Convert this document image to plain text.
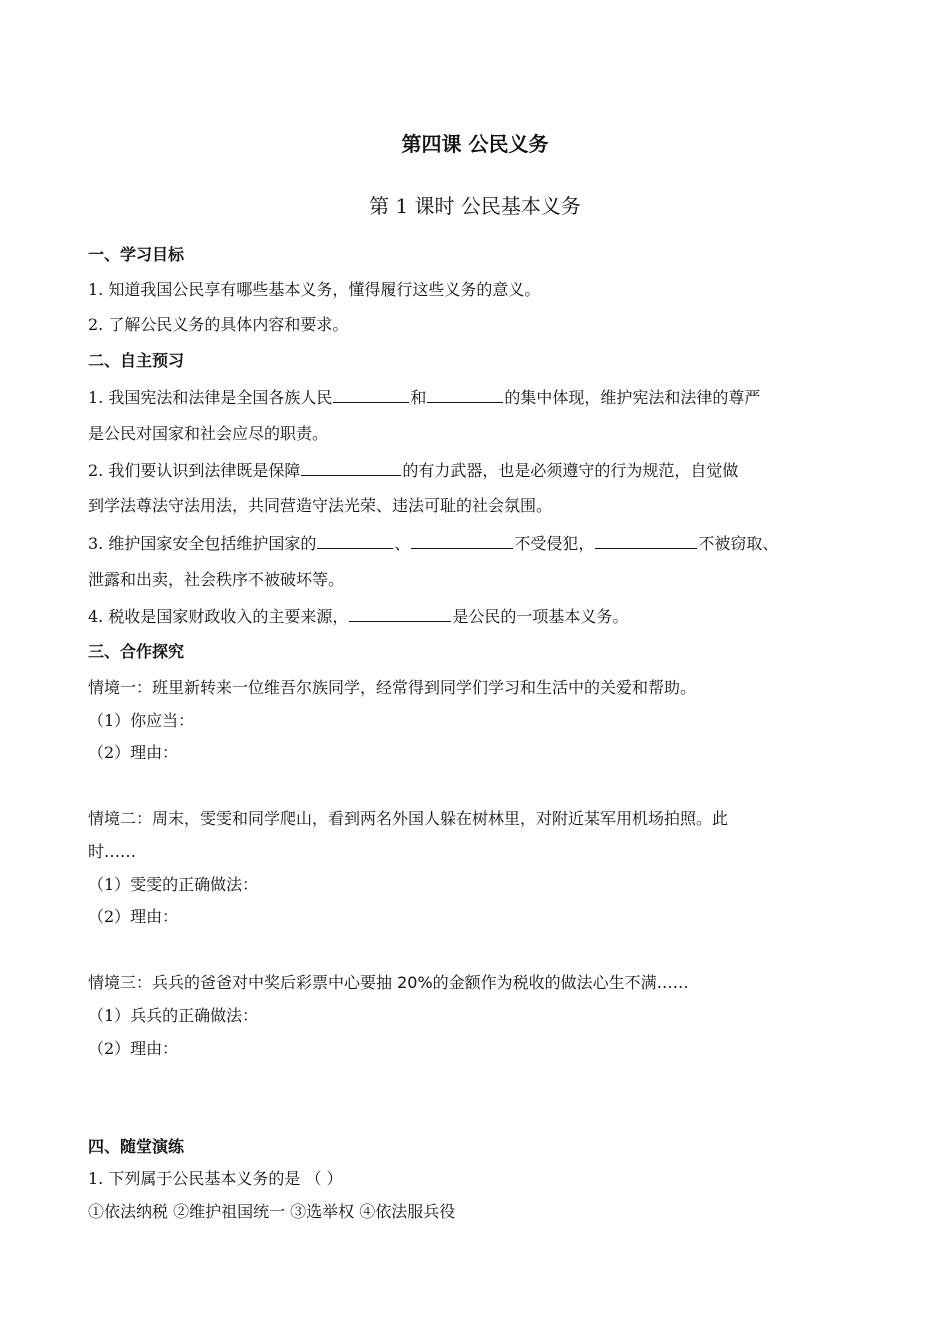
第四课 公民义务
第 1 课时 公民基本义务
一、学习目标
1. 知道我国公民享有哪些基本义务，懂得履行这些义务的意义。
2. 了解公民义务的具体内容和要求。
二、自主预习
1. 我国宪法和法律是全国各族人民	和	的集中体现，维护宪法和法律的尊严
是公民对国家和社会应尽的职责。
2. 我们要认识到法律既是保障	的有力武器，也是必须遵守的行为规范，自觉做
到学法尊法守法用法，共同营造守法光荣、违法可耻的社会氛围。
3. 维护国家安全包括维护国家的	、	不受侵犯，	不被窃取、
泄露和出卖，社会秩序不被破坏等。
4. 税收是国家财政收入的主要来源，	是公民的一项基本义务。
三、合作探究
情境一：班里新转来一位维吾尔族同学，经常得到同学们学习和生活中的关爱和帮助。
（1）你应当：
（2）理由：
情境二：周末，雯雯和同学爬山，看到两名外国人躲在树林里，对附近某军用机场拍照。此
时……
（1）雯雯的正确做法：
（2）理由：
情境三：兵兵的爸爸对中奖后彩票中心要抽 20%的金额作为税收的做法心生不满……
（1）兵兵的正确做法：
（2）理由：
四、随堂演练
1. 下列属于公民基本义务的是 （ ）
①依法纳税 ②维护祖国统一 ③选举权 ④依法服兵役
